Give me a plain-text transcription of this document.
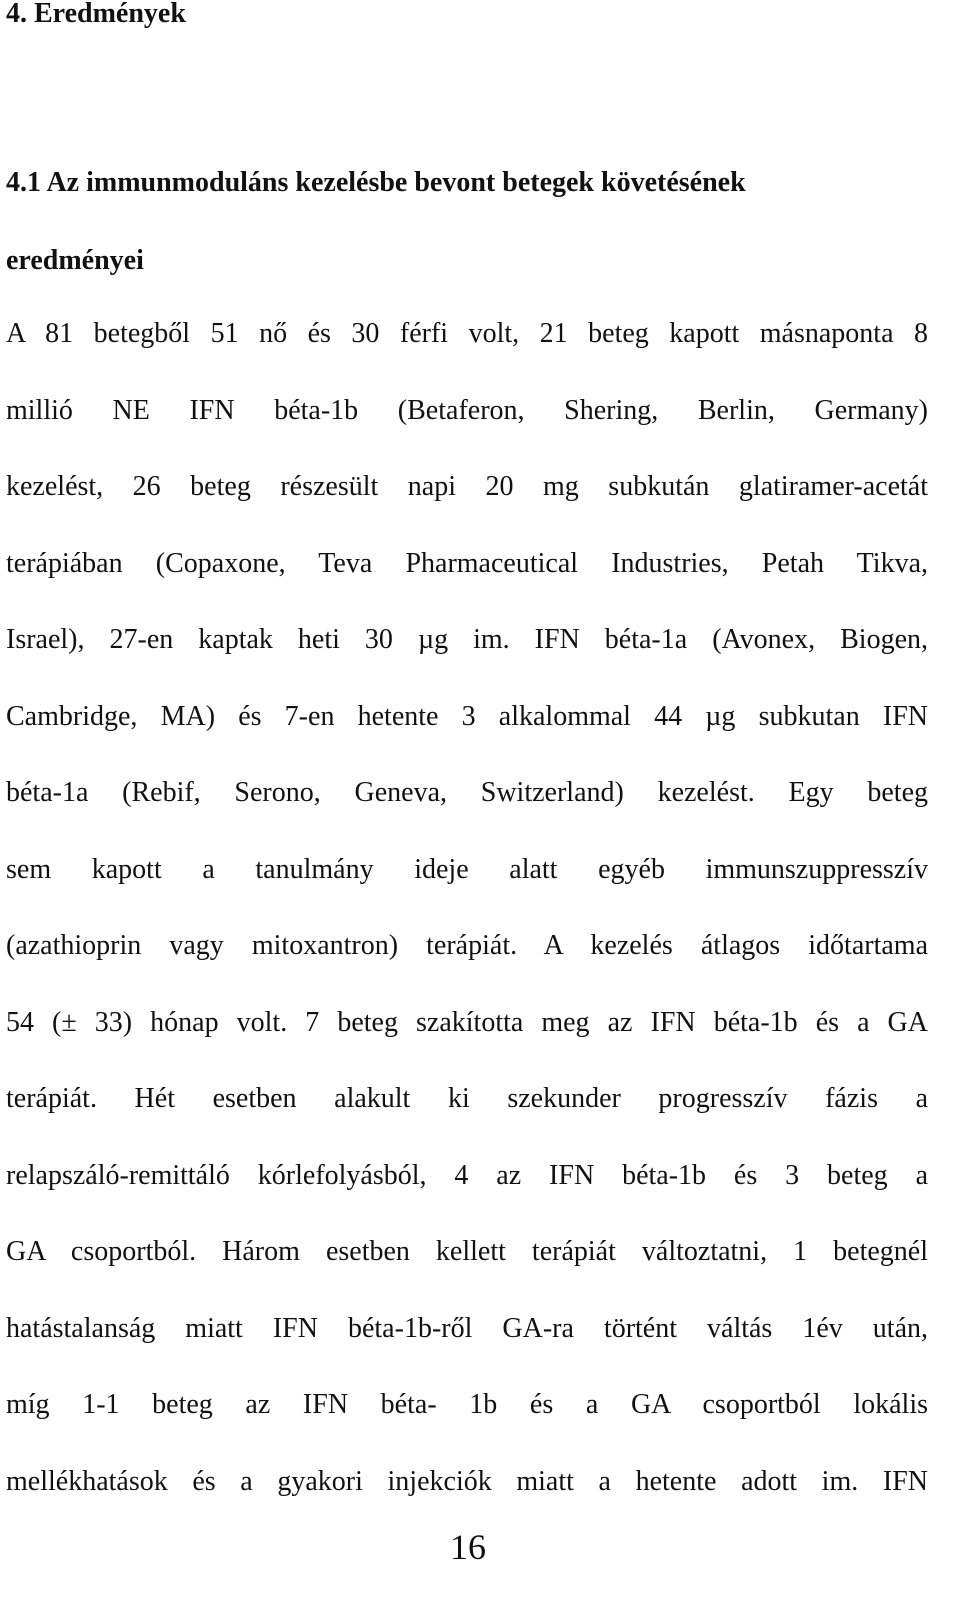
4. Eredmények
4.1 Az immunmoduláns kezelésbe bevont betegek követésének
eredményei
A 81 betegből 51 nő és 30 férfi volt, 21 beteg kapott másnaponta 8
millió NE IFN béta-1b (Betaferon, Shering, Berlin, Germany)
kezelést, 26 beteg részesült napi 20 mg subkután glatiramer-acetát
terápiában (Copaxone, Teva Pharmaceutical Industries, Petah Tikva,
Israel), 27-en kaptak heti 30 µg im. IFN béta-1a (Avonex, Biogen,
Cambridge, MA) és 7-en hetente 3 alkalommal 44 µg subkutan IFN
béta-1a (Rebif, Serono, Geneva, Switzerland) kezelést. Egy beteg
sem kapott a tanulmány ideje alatt egyéb immunszuppresszív
(azathioprin vagy mitoxantron) terápiát. A kezelés átlagos időtartama
54 (± 33) hónap volt. 7 beteg szakította meg az IFN béta-1b és a GA
terápiát. Hét esetben alakult ki szekunder progresszív fázis a
relapszáló-remittáló kórlefolyásból, 4 az IFN béta-1b és 3 beteg a
GA csoportból. Három esetben kellett terápiát változtatni, 1 betegnél
hatástalanság miatt IFN béta-1b-ről GA-ra történt váltás 1év után,
míg 1-1 beteg az IFN béta- 1b és a GA csoportból lokális
mellékhatások és a gyakori injekciók miatt a hetente adott im. IFN
16
